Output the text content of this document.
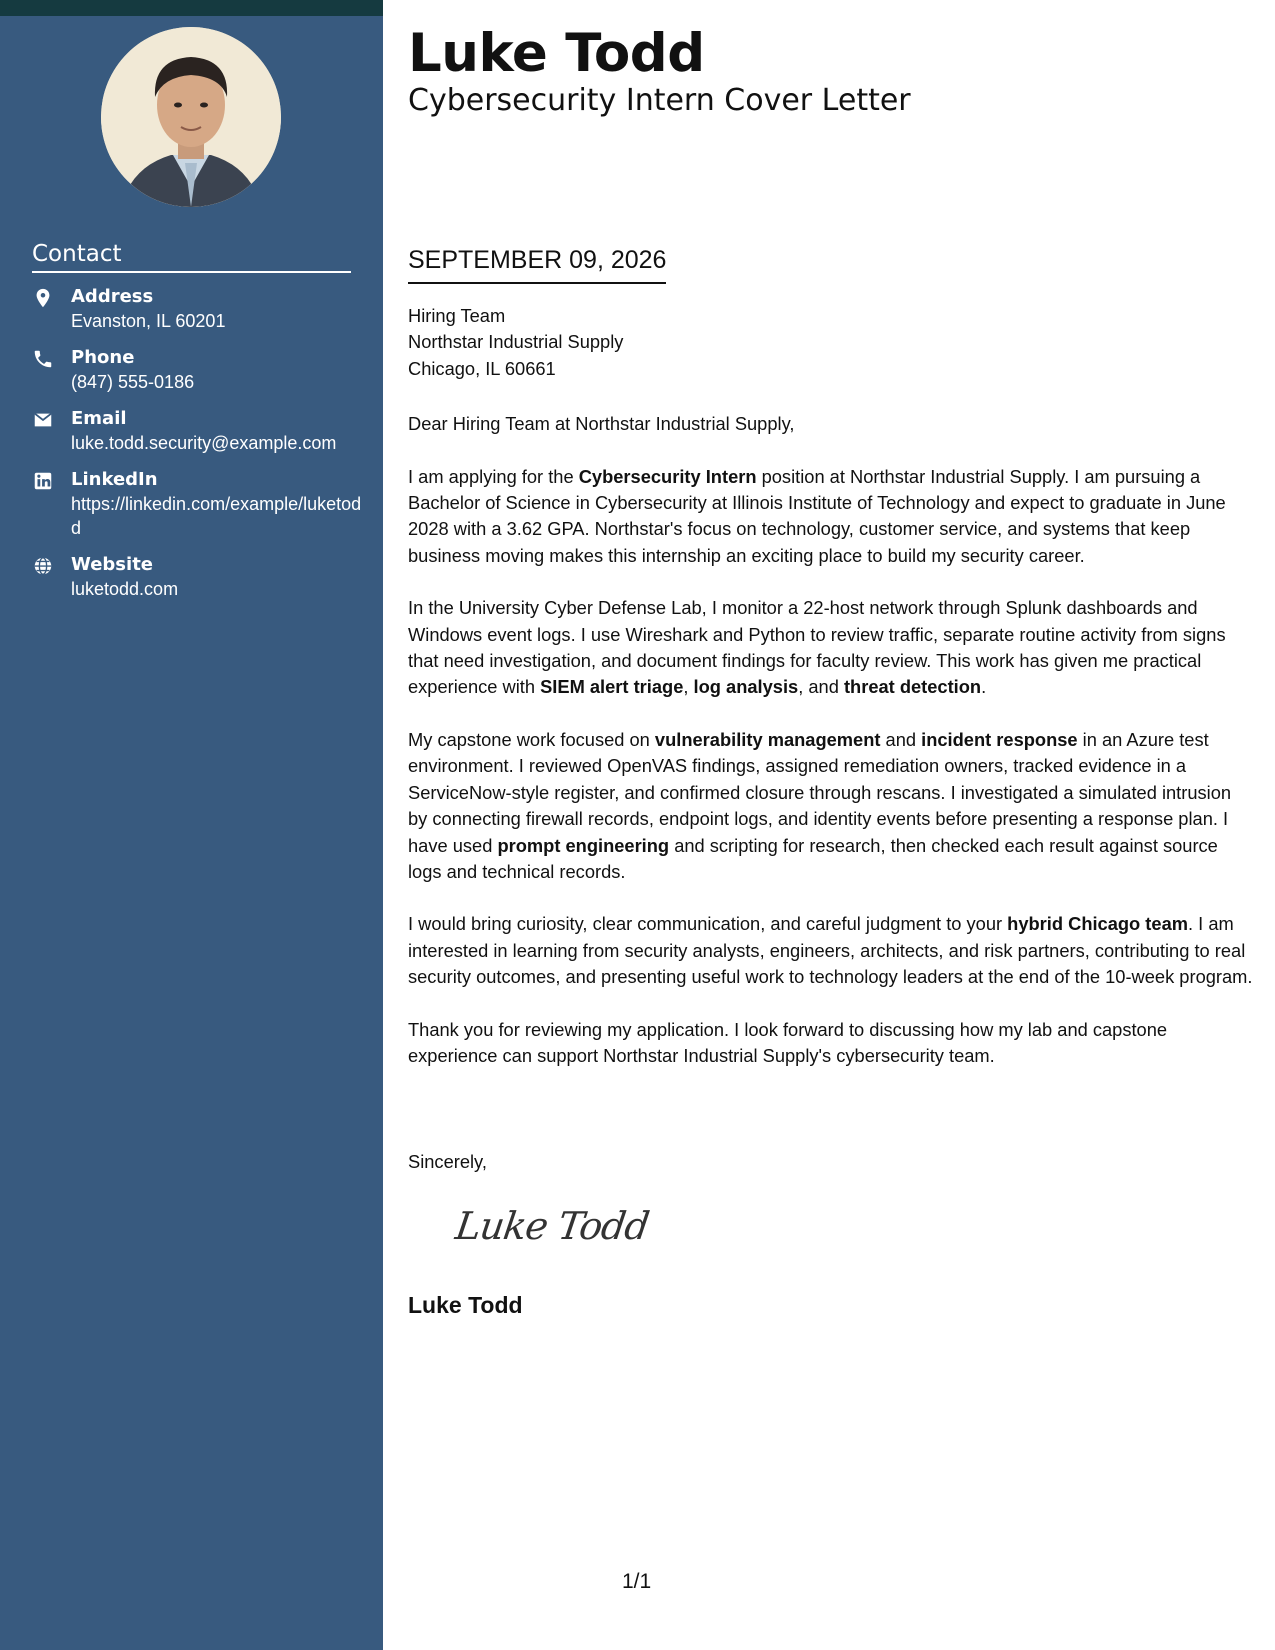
Contact
Address
Evanston, IL 60201
Phone
(847) 555-0186
Email
luke.todd.security@example.com
LinkedIn
https://linkedin.com/example/luketodd
Website
luketodd.com
Luke Todd
Cybersecurity Intern Cover Letter
SEPTEMBER 09, 2026

Hiring Team

Northstar Industrial Supply

Chicago, IL 60661

Dear Hiring Team at Northstar Industrial Supply,

I am applying for the Cybersecurity Intern position at Northstar Industrial Supply. I am pursuing a Bachelor of Science in Cybersecurity at Illinois Institute of Technology and expect to graduate in June 2028 with a 3.62 GPA. Northstar's focus on technology, customer service, and systems that keep business moving makes this internship an exciting place to build my security career.

In the University Cyber Defense Lab, I monitor a 22-host network through Splunk dashboards and Windows event logs. I use Wireshark and Python to review traffic, separate routine activity from signs that need investigation, and document findings for faculty review. This work has given me practical experience with SIEM alert triage, log analysis, and threat detection.

My capstone work focused on vulnerability management and incident response in an Azure test environment. I reviewed OpenVAS findings, assigned remediation owners, tracked evidence in a ServiceNow-style register, and confirmed closure through rescans. I investigated a simulated intrusion by connecting firewall records, endpoint logs, and identity events before presenting a response plan. I have used prompt engineering and scripting for research, then checked each result against source logs and technical records.

I would bring curiosity, clear communication, and careful judgment to your hybrid Chicago team. I am interested in learning from security analysts, engineers, architects, and risk partners, contributing to real security outcomes, and presenting useful work to technology leaders at the end of the 10-week program.

Thank you for reviewing my application. I look forward to discussing how my lab and capstone experience can support Northstar Industrial Supply's cybersecurity team.

Sincerely,
Luke Todd
Luke Todd
1/1
